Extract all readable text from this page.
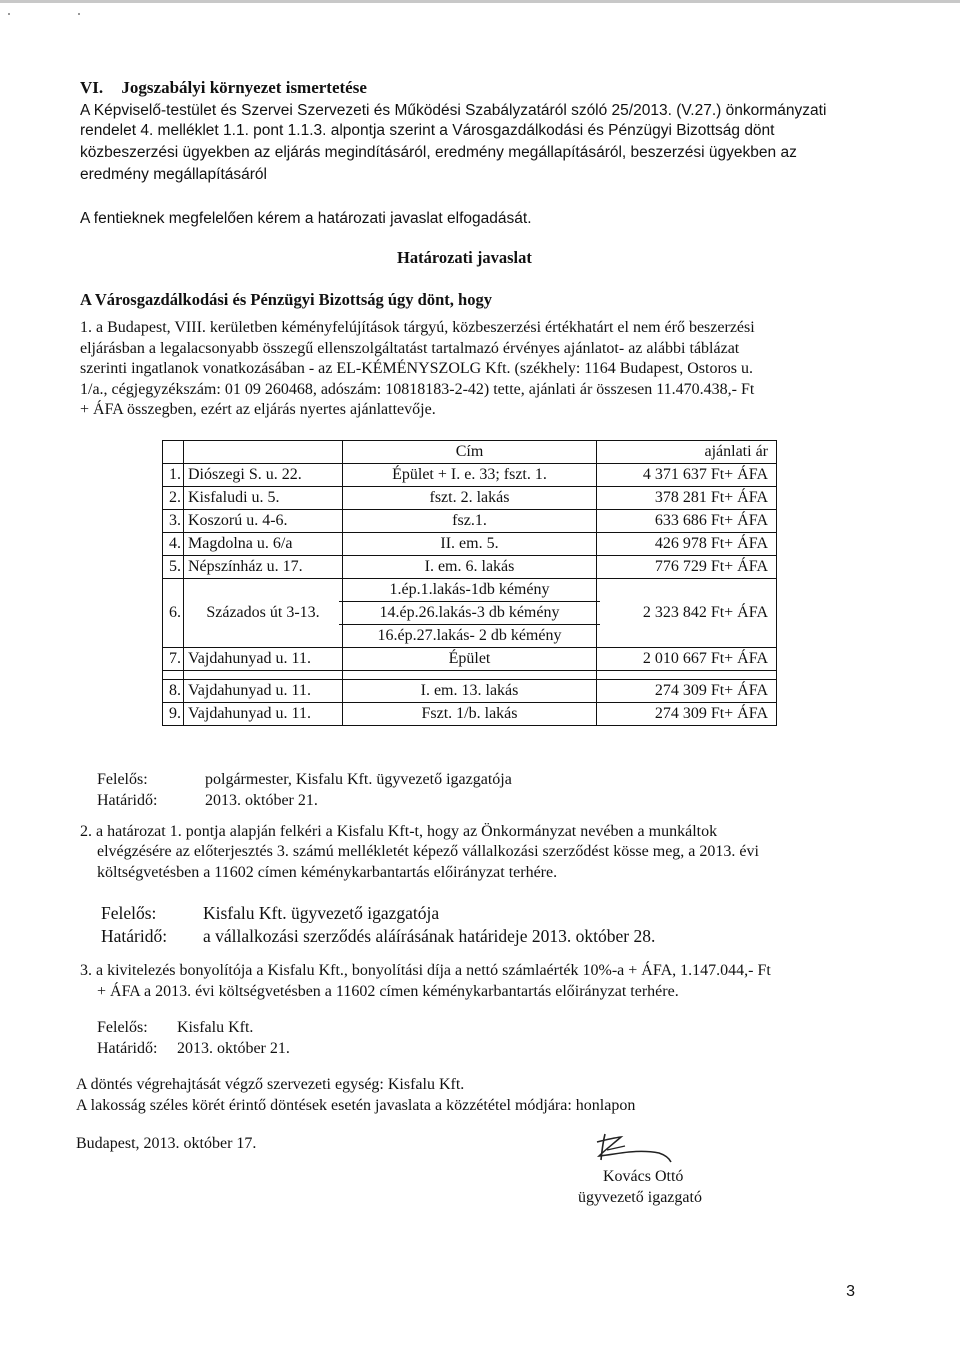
VI. Jogszabályi környezet ismertetése
A Képviselő-testület és Szervei Szervezeti és Működési Szabályzatáról szóló 25/2013. (V.27.) önkormányzati
rendelet 4. melléklet 1.1. pont 1.1.3. alpontja szerint a Városgazdálkodási és Pénzügyi Bizottság dönt
közbeszerzési ügyekben az eljárás megindításáról, eredmény megállapításáról, beszerzési ügyekben az
eredmény megállapításáról
A fentieknek megfelelően kérem a határozati javaslat elfogadását.
Határozati javaslat
A Városgazdálkodási és Pénzügyi Bizottság úgy dönt, hogy
1. a Budapest, VIII. kerületben kéményfelújítások tárgyú, közbeszerzési értékhatárt el nem érő beszerzési
eljárásban a legalacsonyabb összegű ellenszolgáltatást tartalmazó érvényes ajánlatot- az alábbi táblázat
szerinti ingatlanok vonatkozásában - az EL-KÉMÉNYSZOLG Kft. (székhely: 1164 Budapest, Ostoros u.
1/a., cégjegyzékszám: 01 09 260468, adószám: 10818183-2-42) tette, ajánlati ár összesen 11.470.438,- Ft
+ ÁFA összegben, ezért az eljárás nyertes ajánlattevője.
		Cím	ajánlati ár
1.	Diószegi S. u. 22.	Épület + I. e. 33; fszt. 1.	4 371 637 Ft+ ÁFA
2.	Kisfaludi u. 5.	fszt. 2. lakás	378 281 Ft+ ÁFA
3.	Koszorú u. 4-6.	fsz.1.	633 686 Ft+ ÁFA
4.	Magdolna u. 6/a	II. em. 5.	426 978 Ft+ ÁFA
5.	Népszínház u. 17.	I. em. 6. lakás	776 729 Ft+ ÁFA
6.	Százados út 3-13.	1.ép.1.lakás-1db kémény
14.ép.26.lakás-3 db kémény
16.ép.27.lakás- 2 db kémény	2 323 842 Ft+ ÁFA
7.	Vajdahunyad u. 11.	Épület	2 010 667 Ft+ ÁFA

8.	Vajdahunyad u. 11.	I. em. 13. lakás	274 309 Ft+ ÁFA
9.	Vajdahunyad u. 11.	Fszt. 1/b. lakás	274 309 Ft+ ÁFA
Felelős:	polgármester, Kisfalu Kft. ügyvezető igazgatója
Határidő:	2013. október 21.
2. a határozat 1. pontja alapján felkéri a Kisfalu Kft-t, hogy az Önkormányzat nevében a munkáltok
elvégzésére az előterjesztés 3. számú mellékletét képező vállalkozási szerződést kösse meg, a 2013. évi
költségvetésben a 11602 címen kéménykarbantartás előirányzat terhére.
Felelős:	Kisfalu Kft. ügyvezető igazgatója
Határidő: a vállalkozási szerződés aláírásának határideje 2013. október 28.
3. a kivitelezés bonyolítója a Kisfalu Kft., bonyolítási díja a nettó számlaérték 10%-a + ÁFA, 1.147.044,- Ft
+ ÁFA a 2013. évi költségvetésben a 11602 címen kéménykarbantartás előirányzat terhére.
Felelős: Kisfalu Kft.
Határidő: 2013. október 21.
A döntés végrehajtását végző szervezeti egység: Kisfalu Kft.
A lakosság széles körét érintő döntések esetén javaslata a közzététel módjára: honlapon
Budapest, 2013. október 17.
Kovács Ottó
ügyvezető igazgató
3
